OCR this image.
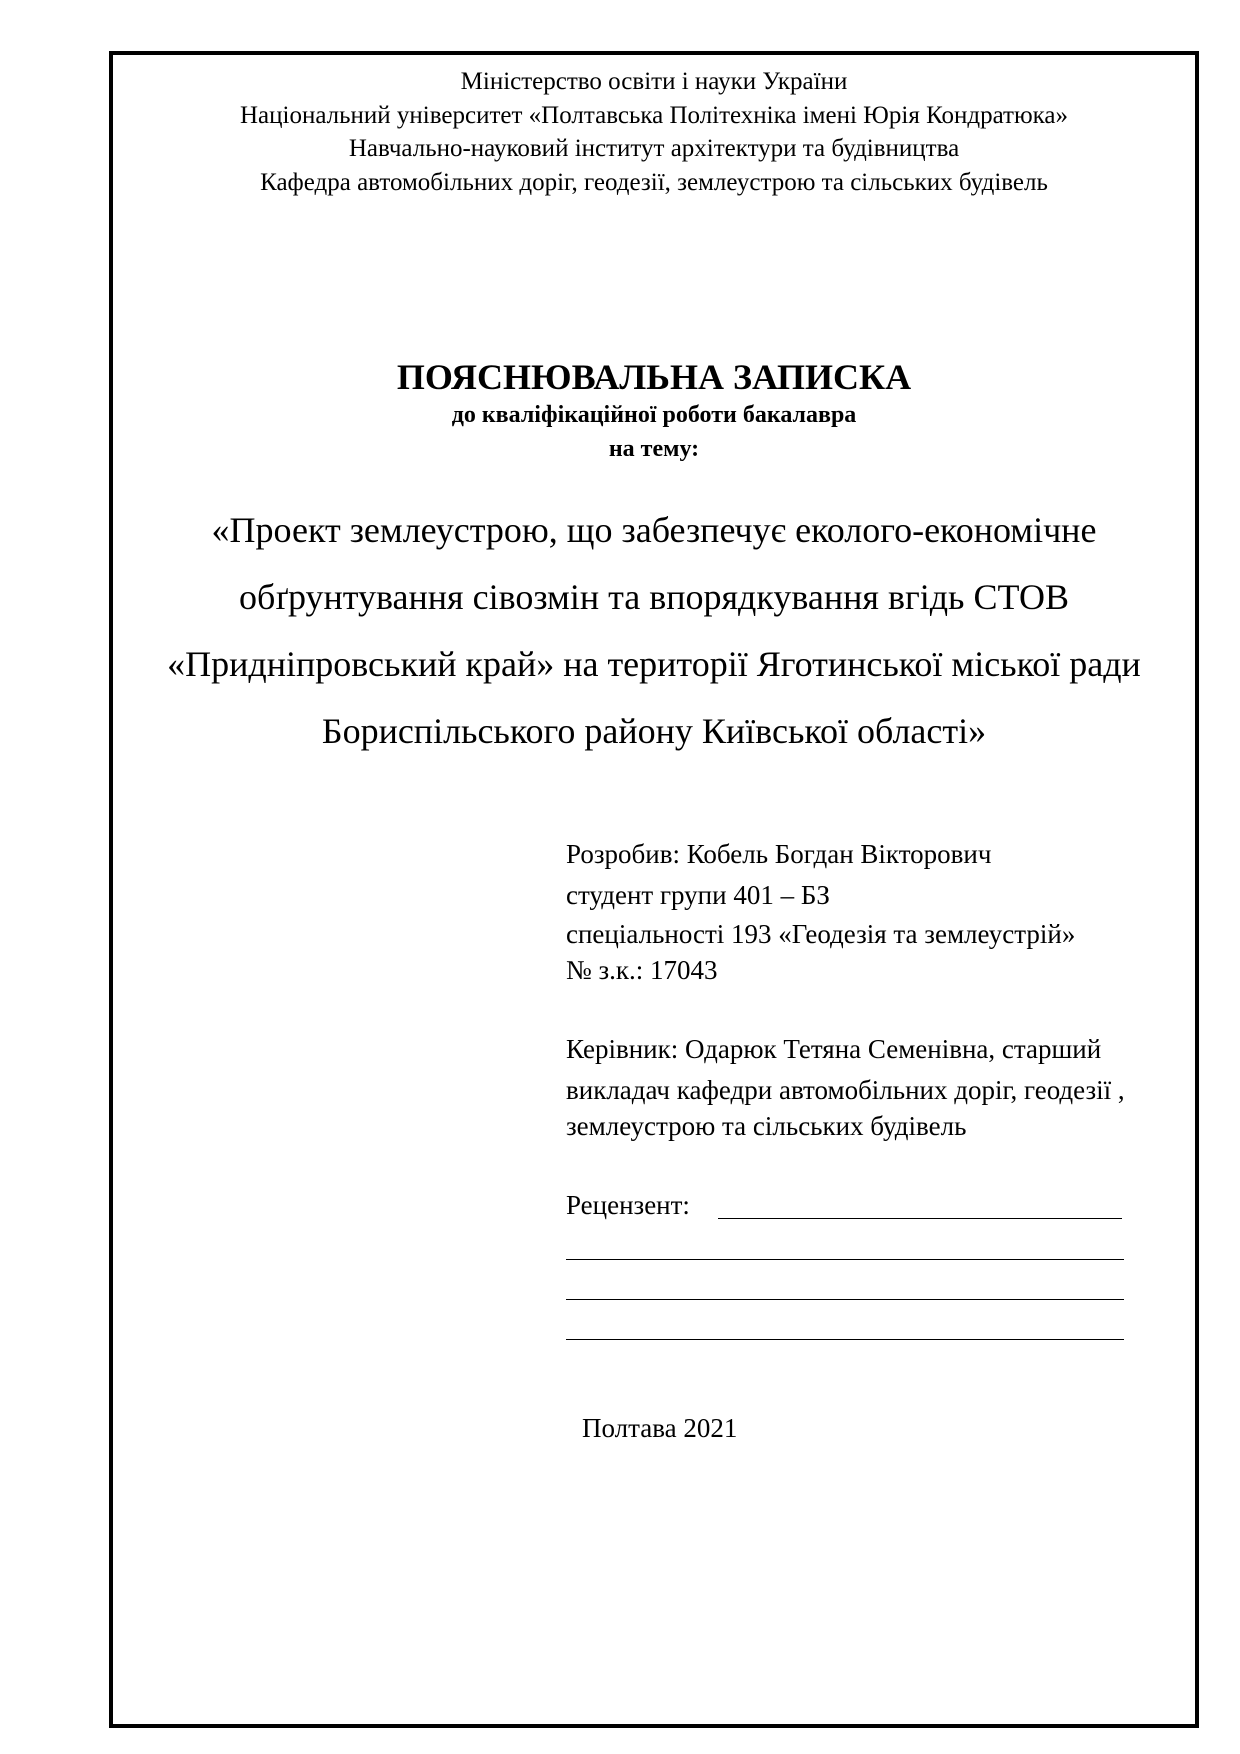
Міністерство освіти і науки України
Національний університет «Полтавська Політехніка імені Юрія Кондратюка»
Навчально-науковий інститут архітектури та будівництва
Кафедра автомобільних доріг, геодезії, землеустрою та сільських будівель
ПОЯСНЮВАЛЬНА ЗАПИСКА
до кваліфікаційної роботи бакалавра
на тему:
«Проект землеустрою, що забезпечує еколого-економічне
обґрунтування сівозмін та впорядкування вгідь СТОВ
«Придніпровський край» на території Яготинської міської ради
Бориспільського району Київської області»
Розробив: Кобель Богдан Вікторович
студент групи 401 – БЗ
спеціальності 193 «Геодезія та землеустрій»
№ з.к.: 17043
Керівник: Одарюк Тетяна Семенівна, старший
викладач кафедри автомобільних доріг, геодезії ,
землеустрою та сільських будівель
Рецензент:
Полтава 2021
